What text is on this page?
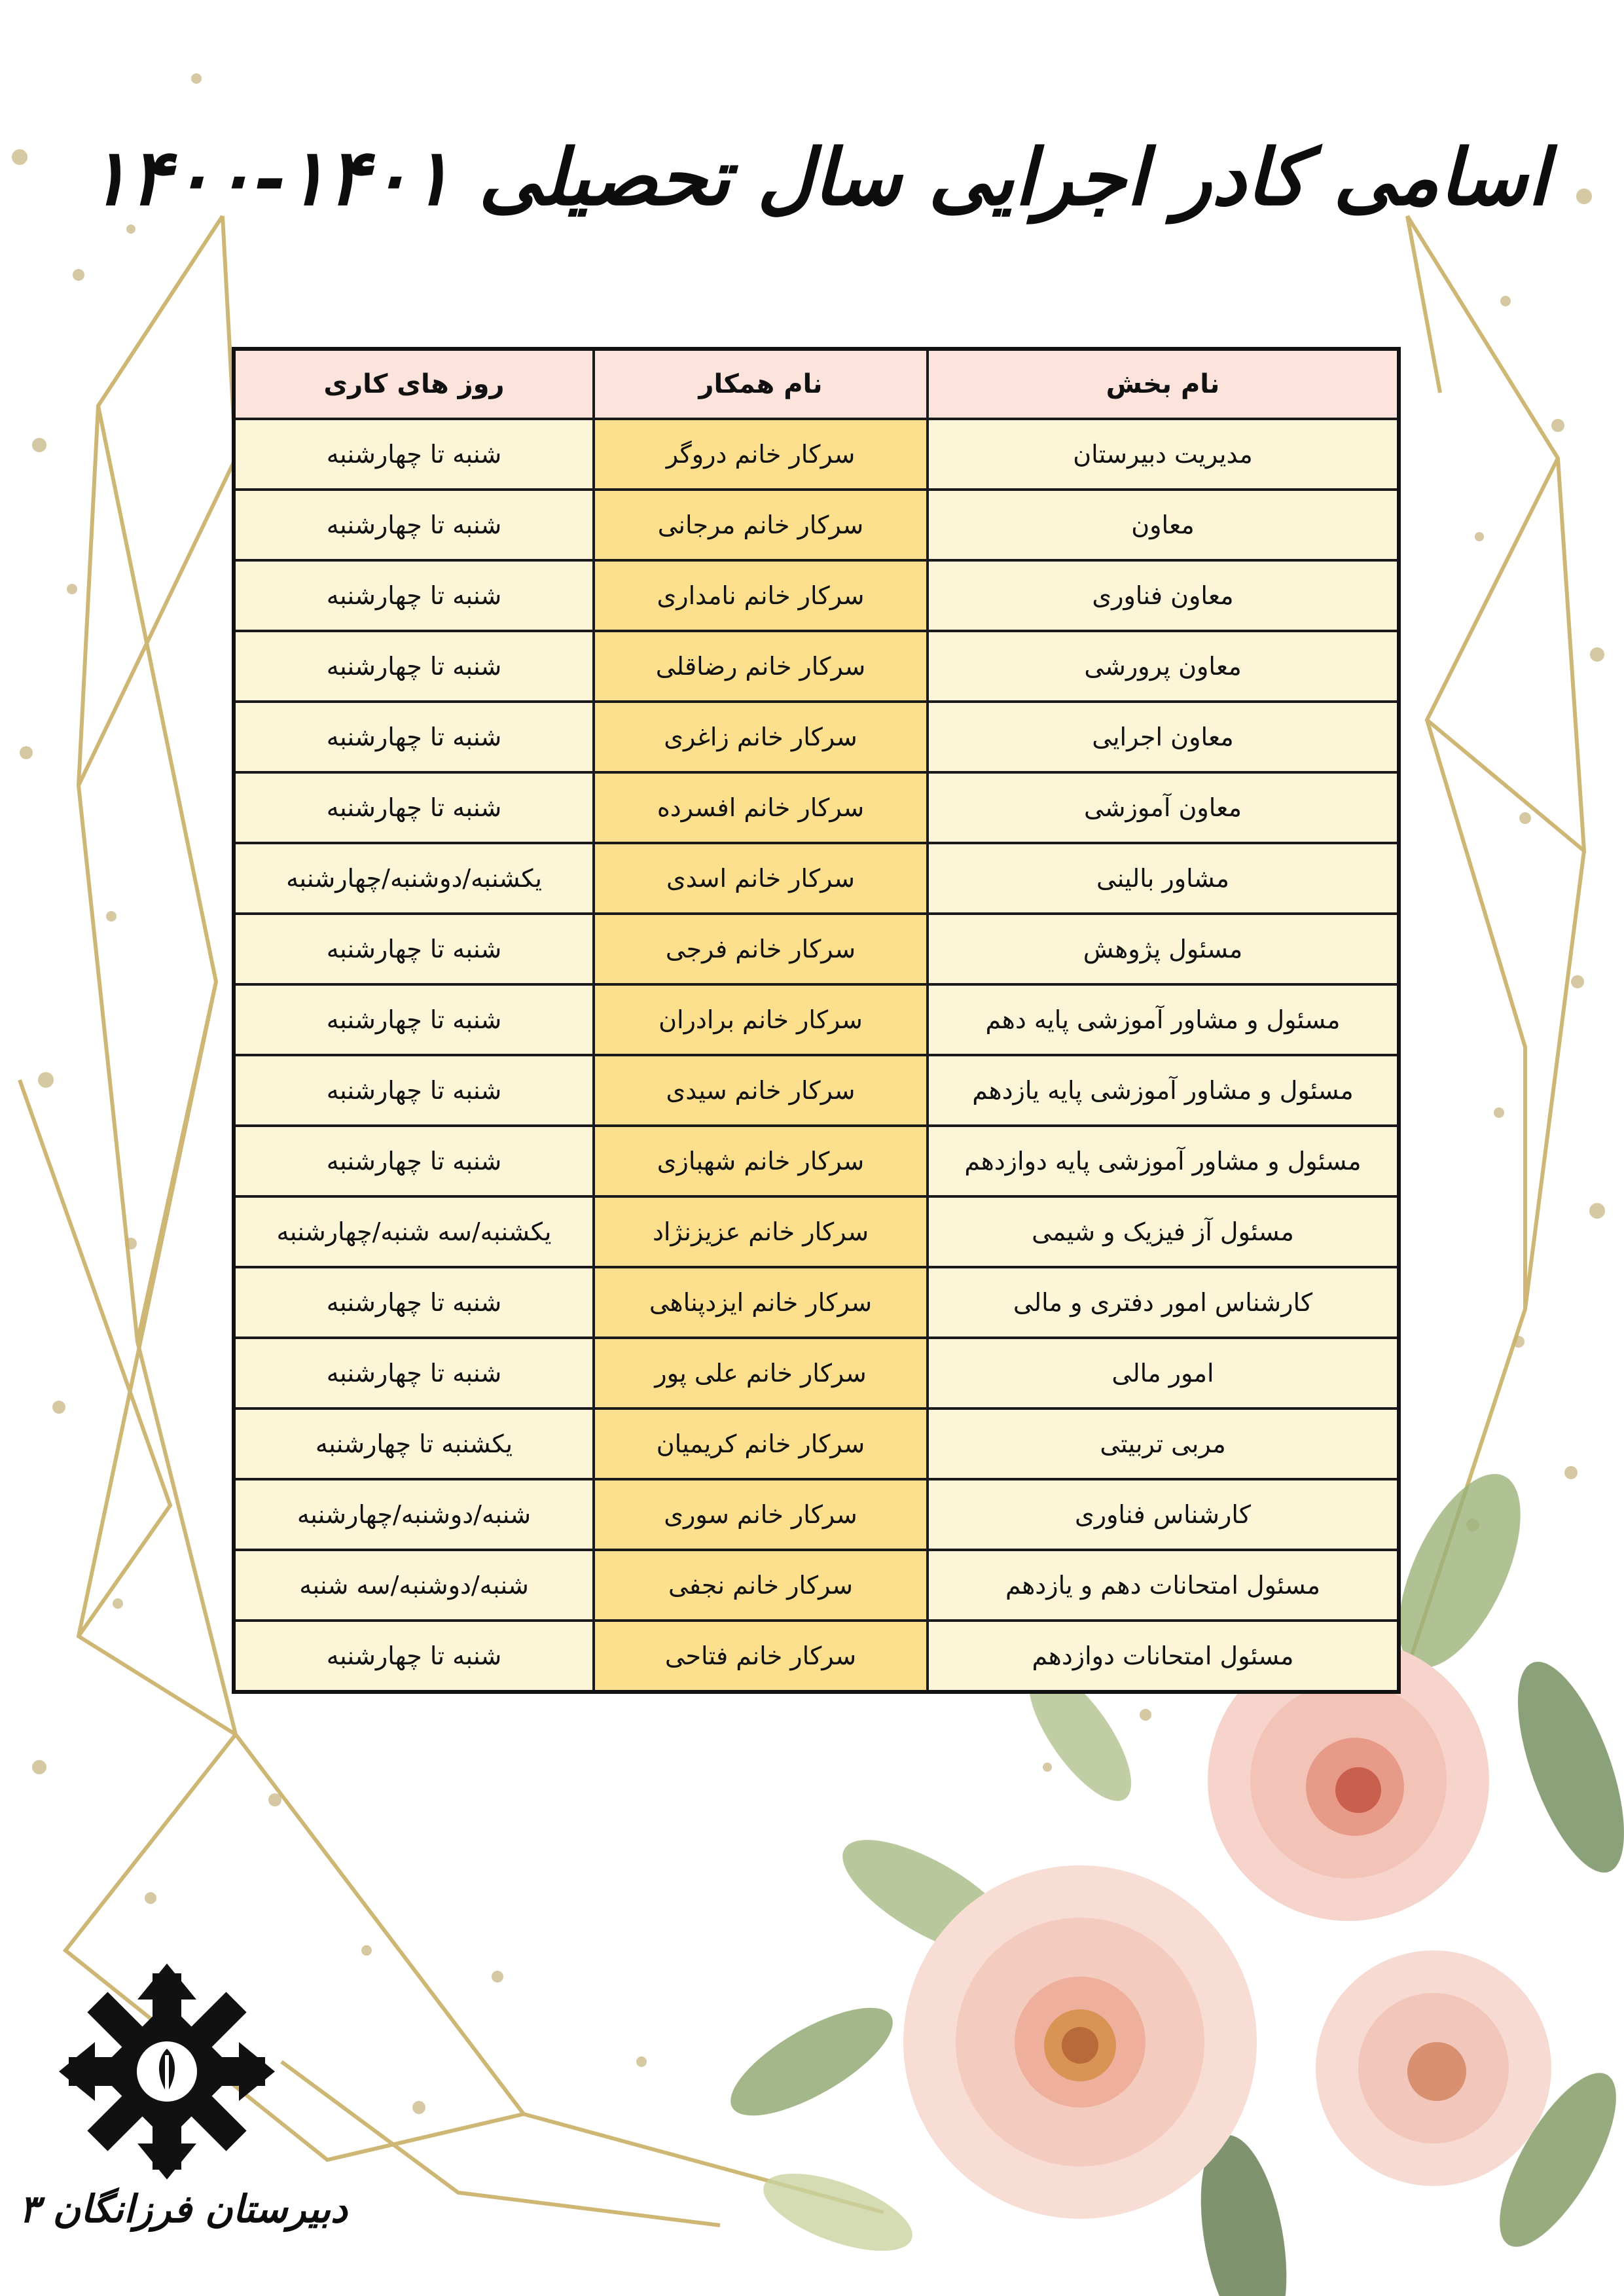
اسامی کادر اجرایی سال تحصیلی ۱۴۰۱-۱۴۰۰
نام بخش	نام همکار	روز های کاری
مدیریت دبیرستان	سرکار خانم دروگر	شنبه تا چهارشنبه
معاون	سرکار خانم مرجانی	شنبه تا چهارشنبه
معاون فناوری	سرکار خانم نامداری	شنبه تا چهارشنبه
معاون پرورشی	سرکار خانم رضاقلی	شنبه تا چهارشنبه
معاون اجرایی	سرکار خانم زاغری	شنبه تا چهارشنبه
معاون آموزشی	سرکار خانم افسرده	شنبه تا چهارشنبه
مشاور بالینی	سرکار خانم اسدی	یکشنبه/دوشنبه/چهارشنبه
مسئول پژوهش	سرکار خانم فرجی	شنبه تا چهارشنبه
مسئول و مشاور آموزشی پایه دهم	سرکار خانم برادران	شنبه تا چهارشنبه
مسئول و مشاور آموزشی پایه یازدهم	سرکار خانم سیدی	شنبه تا چهارشنبه
مسئول و مشاور آموزشی پایه دوازدهم	سرکار خانم شهبازی	شنبه تا چهارشنبه
مسئول آز فیزیک و شیمی	سرکار خانم عزیزنژاد	یکشنبه/سه شنبه/چهارشنبه
کارشناس امور دفتری و مالی	سرکار خانم ایزدپناهی	شنبه تا چهارشنبه
امور مالی	سرکار خانم علی پور	شنبه تا چهارشنبه
مربی تربیتی	سرکار خانم کریمیان	یکشنبه تا چهارشنبه
کارشناس فناوری	سرکار خانم سوری	شنبه/دوشنبه/چهارشنبه
مسئول امتحانات دهم و یازدهم	سرکار خانم نجفی	شنبه/دوشنبه/سه شنبه
مسئول امتحانات دوازدهم	سرکار خانم فتاحی	شنبه تا چهارشنبه
دبیرستان فرزانگان ۳
